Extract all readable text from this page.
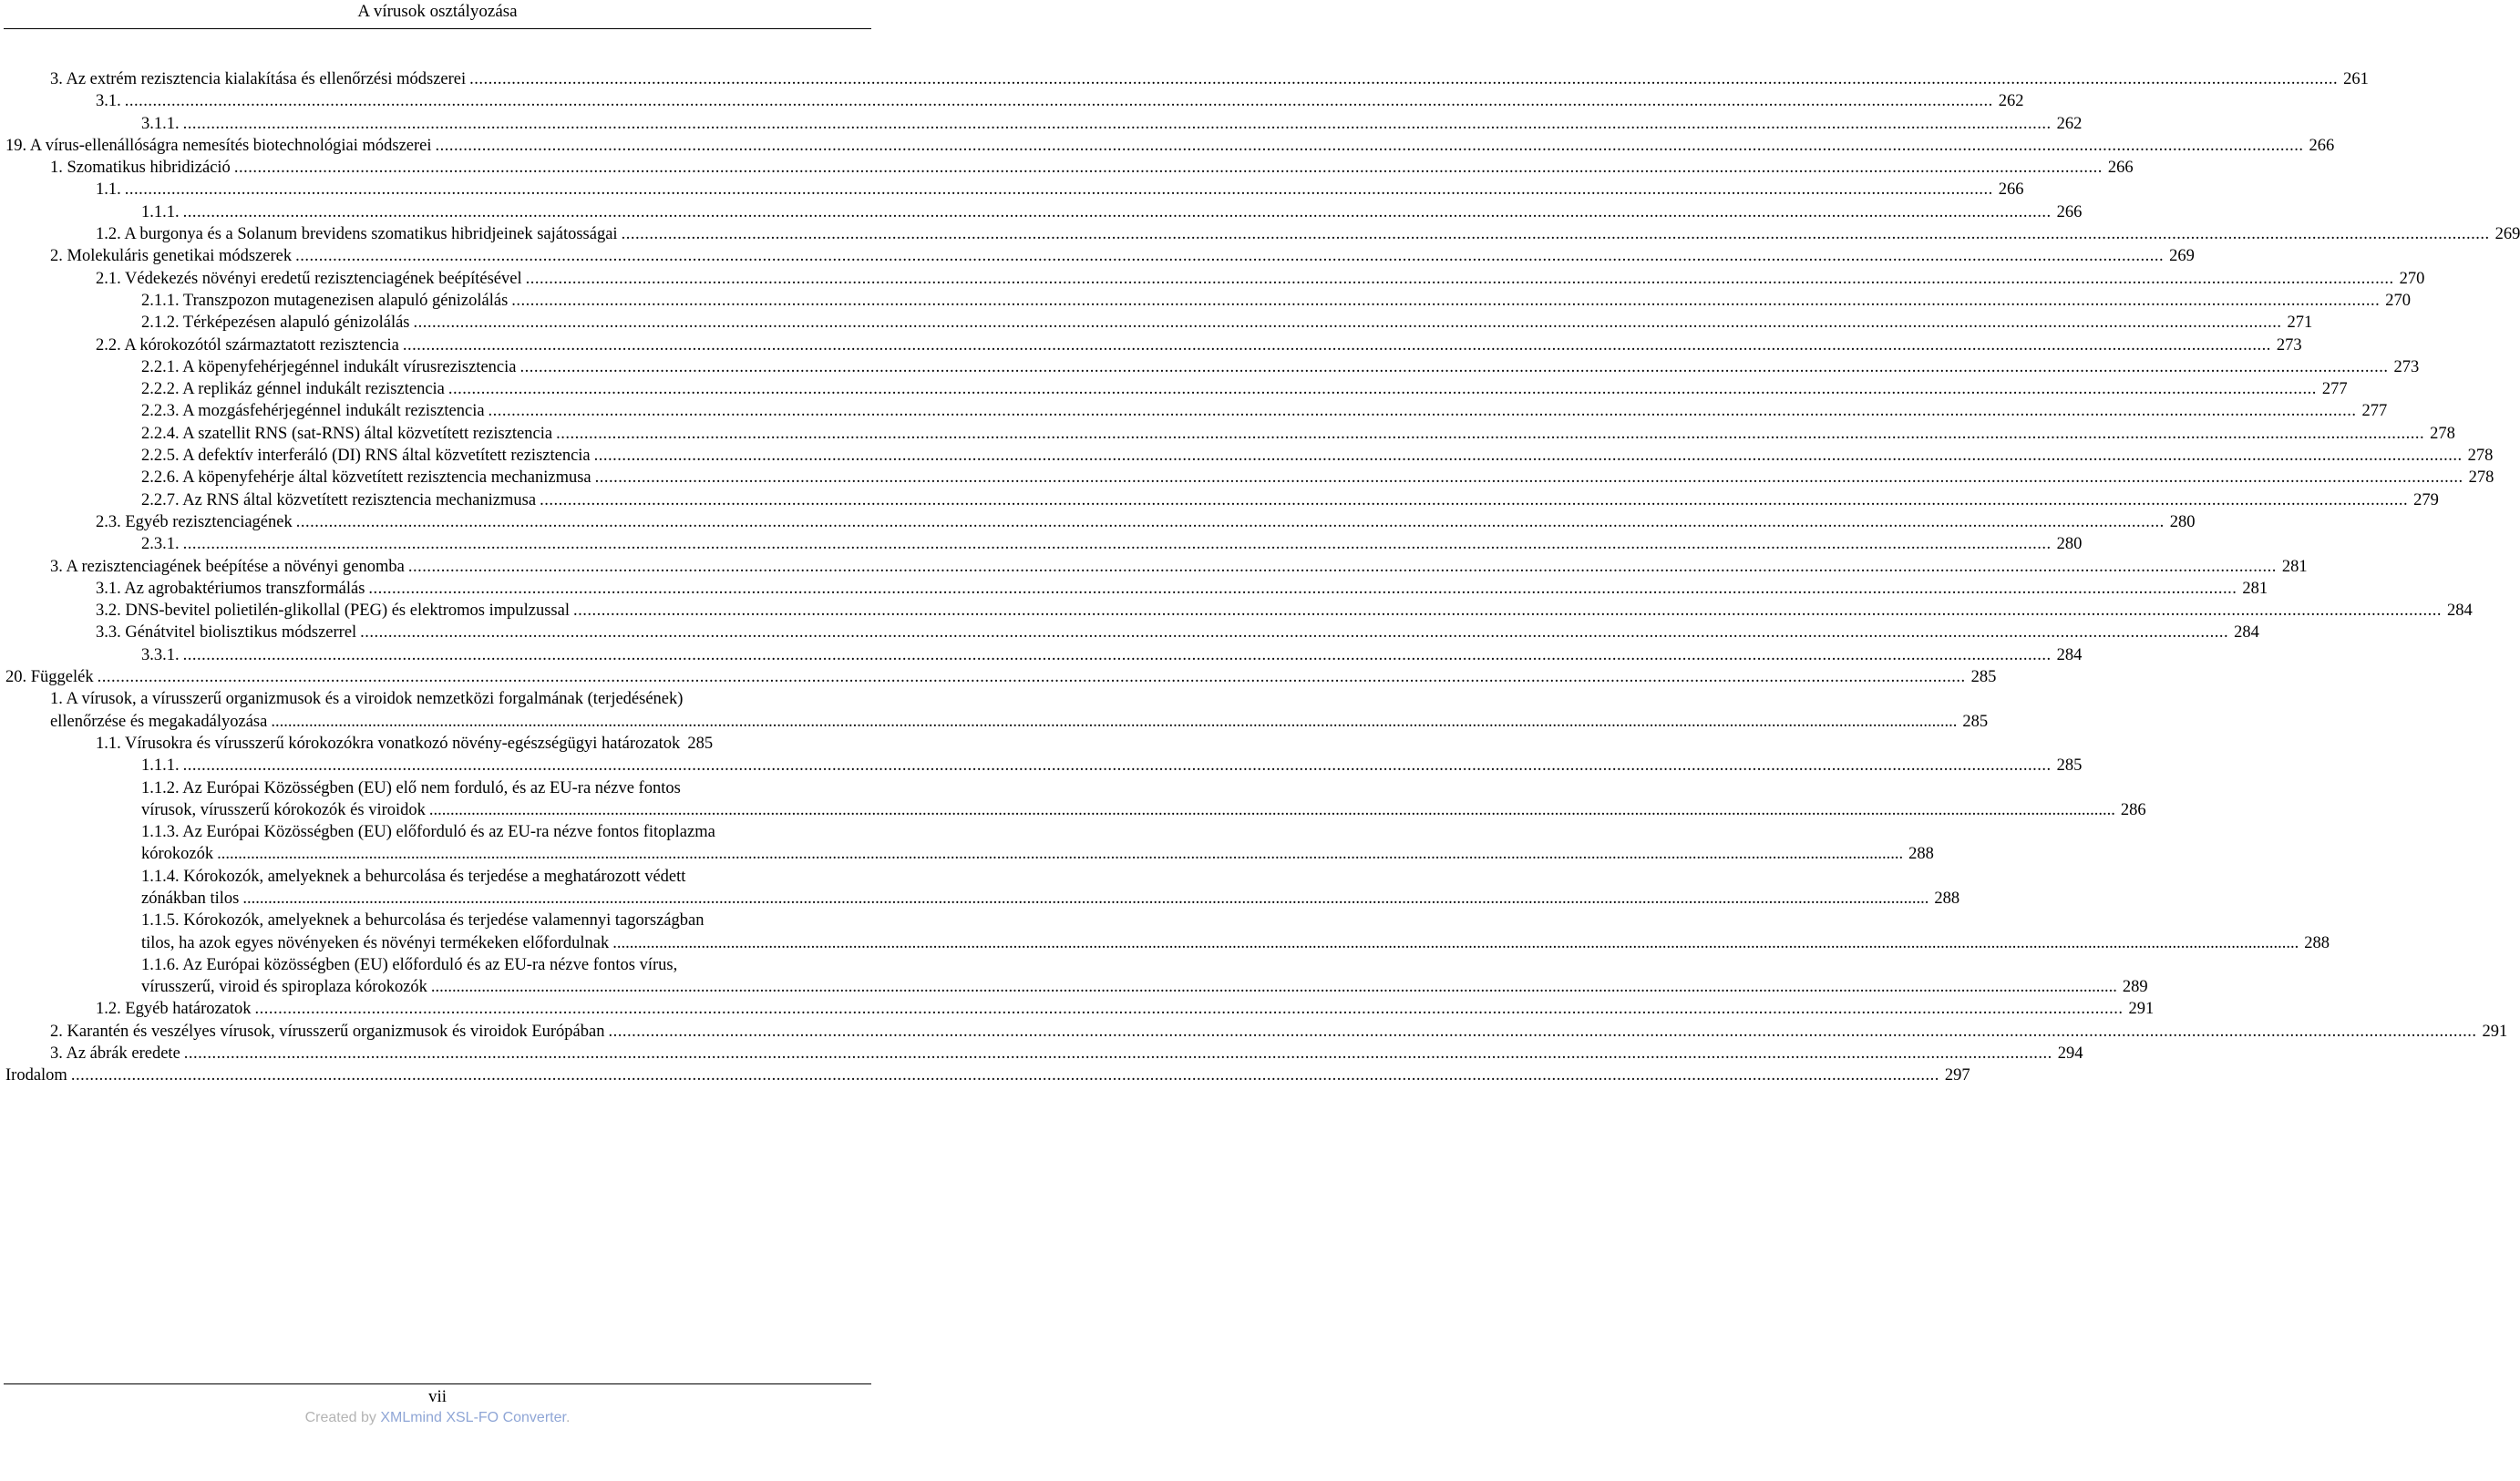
A vírusok osztályozása
3. Az extrém rezisztencia kialakítása és ellenőrzési módszerei ................................................................................................................................................................................................................................................................................................................................................................................................................ 261
3.1. ................................................................................................................................................................................................................................................................................................................................................................................................................ 262
3.1.1. ................................................................................................................................................................................................................................................................................................................................................................................................................ 262
19. A vírus-ellenállóságra nemesítés biotechnológiai módszerei ................................................................................................................................................................................................................................................................................................................................................................................................................ 266
1. Szomatikus hibridizáció ................................................................................................................................................................................................................................................................................................................................................................................................................ 266
1.1. ................................................................................................................................................................................................................................................................................................................................................................................................................ 266
1.1.1. ................................................................................................................................................................................................................................................................................................................................................................................................................ 266
1.2. A burgonya és a Solanum brevidens szomatikus hibridjeinek sajátosságai ................................................................................................................................................................................................................................................................................................................................................................................................................ 269
2. Molekuláris genetikai módszerek ................................................................................................................................................................................................................................................................................................................................................................................................................ 269
2.1. Védekezés növényi eredetű rezisztenciagének beépítésével ................................................................................................................................................................................................................................................................................................................................................................................................................ 270
2.1.1. Transzpozon mutagenezisen alapuló génizolálás ................................................................................................................................................................................................................................................................................................................................................................................................................ 270
2.1.2. Térképezésen alapuló génizolálás ................................................................................................................................................................................................................................................................................................................................................................................................................ 271
2.2. A kórokozótól származtatott rezisztencia ................................................................................................................................................................................................................................................................................................................................................................................................................ 273
2.2.1. A köpenyfehérjegénnel indukált vírusrezisztencia ................................................................................................................................................................................................................................................................................................................................................................................................................ 273
2.2.2. A replikáz génnel indukált rezisztencia ................................................................................................................................................................................................................................................................................................................................................................................................................ 277
2.2.3. A mozgásfehérjegénnel indukált rezisztencia ................................................................................................................................................................................................................................................................................................................................................................................................................ 277
2.2.4. A szatellit RNS (sat-RNS) által közvetített rezisztencia ................................................................................................................................................................................................................................................................................................................................................................................................................ 278
2.2.5. A defektív interferáló (DI) RNS által közvetített rezisztencia ................................................................................................................................................................................................................................................................................................................................................................................................................ 278
2.2.6. A köpenyfehérje által közvetített rezisztencia mechanizmusa ................................................................................................................................................................................................................................................................................................................................................................................................................ 278
2.2.7. Az RNS által közvetített rezisztencia mechanizmusa ................................................................................................................................................................................................................................................................................................................................................................................................................ 279
2.3. Egyéb rezisztenciagének ................................................................................................................................................................................................................................................................................................................................................................................................................ 280
2.3.1. ................................................................................................................................................................................................................................................................................................................................................................................................................ 280
3. A rezisztenciagének beépítése a növényi genomba ................................................................................................................................................................................................................................................................................................................................................................................................................ 281
3.1. Az agrobaktériumos transzformálás ................................................................................................................................................................................................................................................................................................................................................................................................................ 281
3.2. DNS-bevitel polietilén-glikollal (PEG) és elektromos impulzussal ................................................................................................................................................................................................................................................................................................................................................................................................................ 284
3.3. Génátvitel biolisztikus módszerrel ................................................................................................................................................................................................................................................................................................................................................................................................................ 284
3.3.1. ................................................................................................................................................................................................................................................................................................................................................................................................................ 284
20. Függelék ................................................................................................................................................................................................................................................................................................................................................................................................................ 285
1. A vírusok, a vírusszerű organizmusok és a viroidok nemzetközi forgalmának (terjedésének)
ellenőrzése és megakadályozása ................................................................................................................................................................................................................................................................................................................................................................................................................ 285
1.1. Vírusokra és vírusszerű kórokozókra vonatkozó növény-egészségügyi határozatok 285
1.1.1. ................................................................................................................................................................................................................................................................................................................................................................................................................ 285
1.1.2. Az Európai Közösségben (EU) elő nem forduló, és az EU-ra nézve fontos
vírusok, vírusszerű kórokozók és viroidok ................................................................................................................................................................................................................................................................................................................................................................................................................ 286
1.1.3. Az Európai Közösségben (EU) előforduló és az EU-ra nézve fontos fitoplazma
kórokozók ................................................................................................................................................................................................................................................................................................................................................................................................................ 288
1.1.4. Kórokozók, amelyeknek a behurcolása és terjedése a meghatározott védett
zónákban tilos ................................................................................................................................................................................................................................................................................................................................................................................................................ 288
1.1.5. Kórokozók, amelyeknek a behurcolása és terjedése valamennyi tagországban
tilos, ha azok egyes növényeken és növényi termékeken előfordulnak ................................................................................................................................................................................................................................................................................................................................................................................................................ 288
1.1.6. Az Európai közösségben (EU) előforduló és az EU-ra nézve fontos vírus,
vírusszerű, viroid és spiroplaza kórokozók ................................................................................................................................................................................................................................................................................................................................................................................................................ 289
1.2. Egyéb határozatok ................................................................................................................................................................................................................................................................................................................................................................................................................ 291
2. Karantén és veszélyes vírusok, vírusszerű organizmusok és viroidok Európában ................................................................................................................................................................................................................................................................................................................................................................................................................ 291
3. Az ábrák eredete ................................................................................................................................................................................................................................................................................................................................................................................................................ 294
Irodalom ................................................................................................................................................................................................................................................................................................................................................................................................................ 297
vii
Created by XMLmind XSL-FO Converter.
